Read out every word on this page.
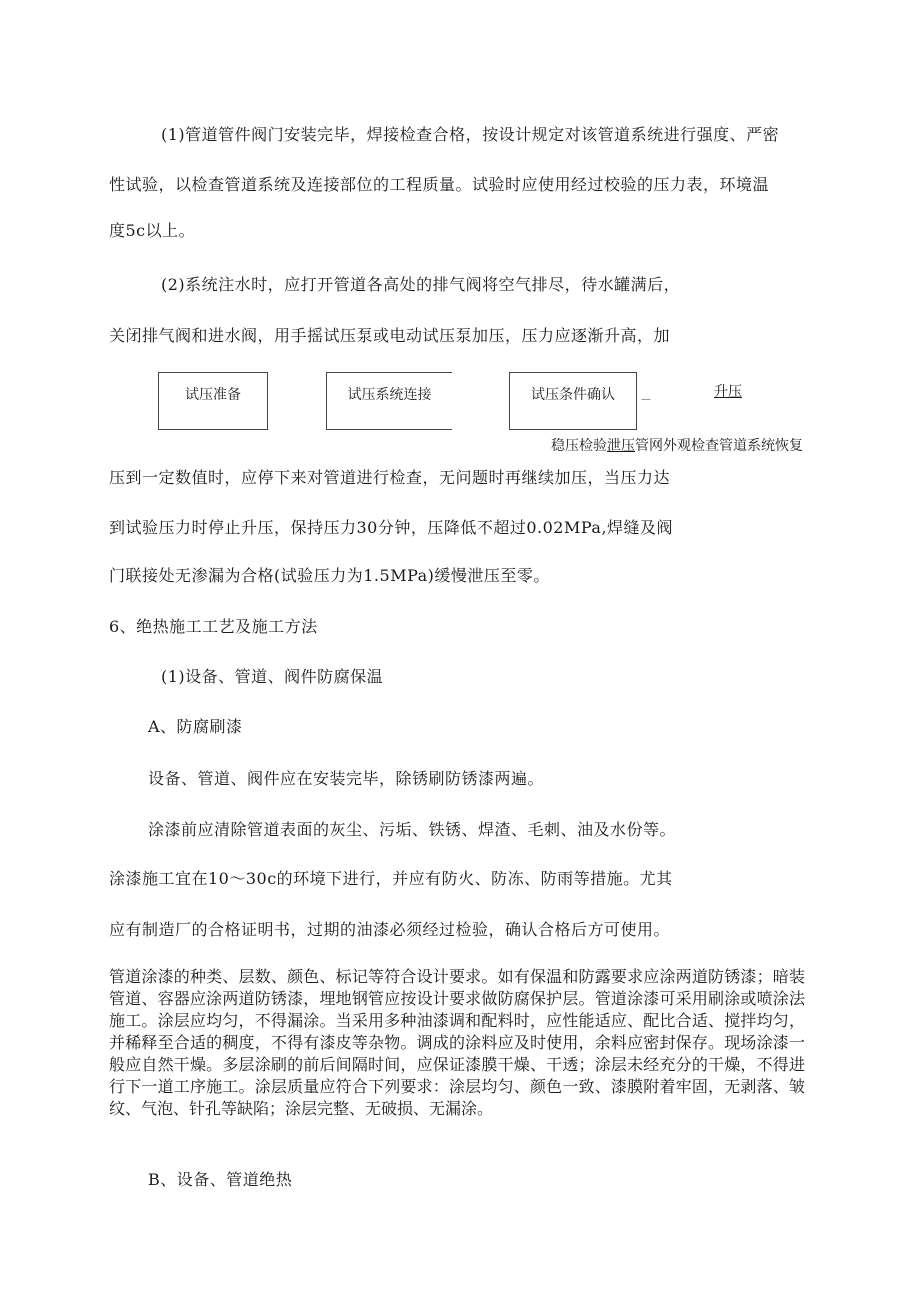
(1)管道管件阀门安装完毕，焊接检查合格，按设计规定对该管道系统进行强度、严密
性试验，以检查管道系统及连接部位的工程质量。试验时应使用经过校验的压力表，环境温
度5c以上。
(2)系统注水时，应打开管道各高处的排气阀将空气排尽，待水罐满后，
关闭排气阀和进水阀，用手摇试压泵或电动试压泵加压，压力应逐渐升高，加
试压准备	试压系统连接	试压条件确认	—	升压
稳压检验泄压管网外观检查管道系统恢复
压到一定数值时，应停下来对管道进行检查，无问题时再继续加压，当压力达
到试验压力时停止升压，保持压力30分钟，压降低不超过0.02MPa,焊缝及阀
门联接处无渗漏为合格(试验压力为1.5MPa)缓慢泄压至零。
6、绝热施工工艺及施工方法
(1)设备、管道、阀件防腐保温
A、防腐刷漆
设备、管道、阀件应在安装完毕，除锈刷防锈漆两遍。
涂漆前应清除管道表面的灰尘、污垢、铁锈、焊渣、毛刺、油及水份等。
涂漆施工宜在10～30c的环境下进行，并应有防火、防冻、防雨等措施。尤其
应有制造厂的合格证明书，过期的油漆必须经过检验，确认合格后方可使用。
管道涂漆的种类、层数、颜色、标记等符合设计要求。如有保温和防露要求应涂两道防锈漆；暗装管道、容器应涂两道防锈漆，埋地钢管应按设计要求做防腐保护层。管道涂漆可采用刷涂或喷涂法施工。涂层应均匀，不得漏涂。当采用多种油漆调和配料时，应性能适应、配比合适、搅拌均匀，并稀释至合适的稠度，不得有漆皮等杂物。调成的涂料应及时使用，余料应密封保存。现场涂漆一般应自然干燥。多层涂刷的前后间隔时间，应保证漆膜干燥、干透；涂层未经充分的干燥，不得进行下一道工序施工。涂层质量应符合下列要求：涂层均匀、颜色一致、漆膜附着牢固，无剥落、皱纹、气泡、针孔等缺陷；涂层完整、无破损、无漏涂。
B、设备、管道绝热
